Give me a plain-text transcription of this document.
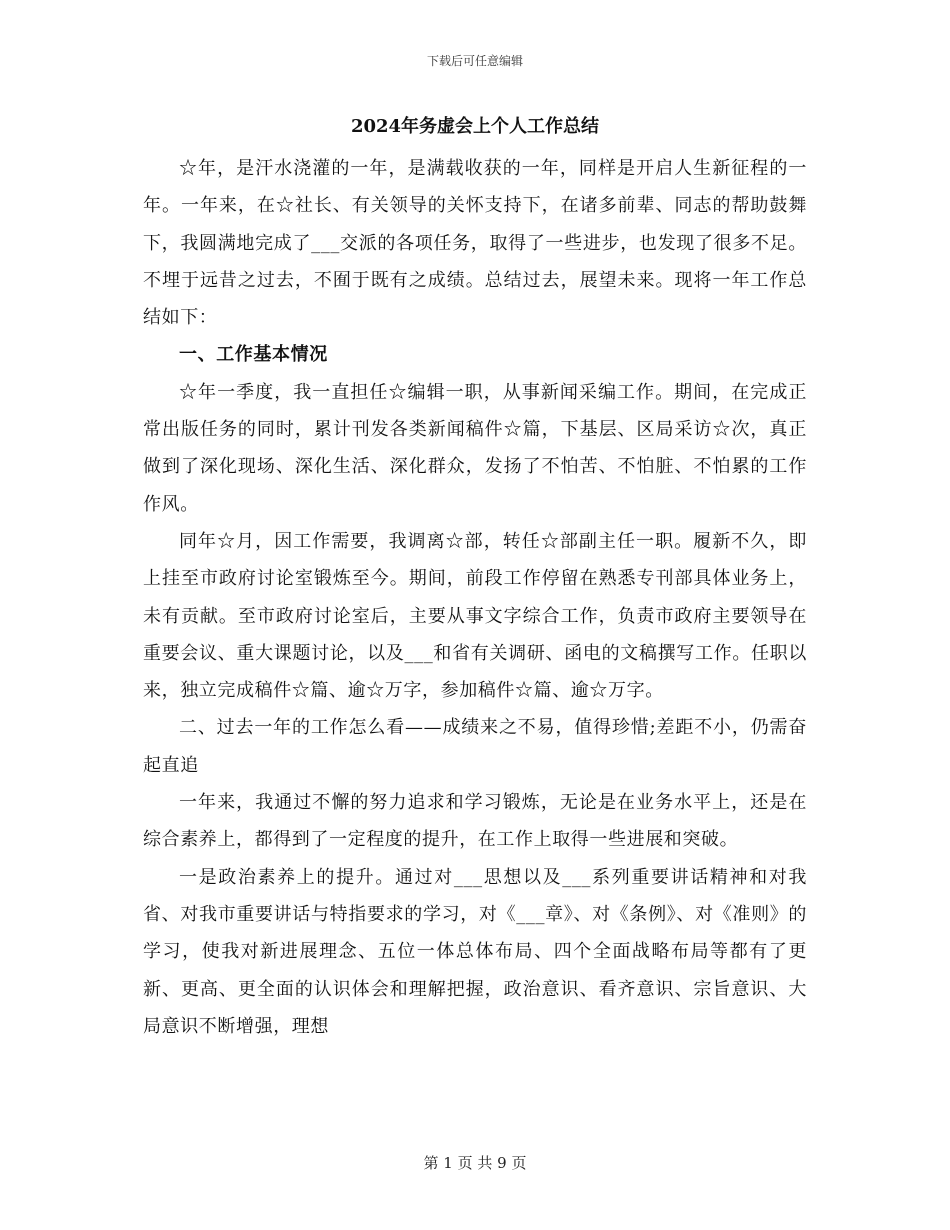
下载后可任意编辑
2024年务虚会上个人工作总结

☆年，是汗水浇灌的一年，是满载收获的一年，同样是开启人生新征程的一年。一年来，在☆社长、有关领导的关怀支持下，在诸多前辈、同志的帮助鼓舞下，我圆满地完成了___交派的各项任务，取得了一些进步，也发现了很多不足。不埋于远昔之过去，不囿于既有之成绩。总结过去，展望未来。现将一年工作总结如下：

一、工作基本情况

☆年一季度，我一直担任☆编辑一职，从事新闻采编工作。期间，在完成正常出版任务的同时，累计刊发各类新闻稿件☆篇，下基层、区局采访☆次，真正做到了深化现场、深化生活、深化群众，发扬了不怕苦、不怕脏、不怕累的工作作风。

同年☆月，因工作需要，我调离☆部，转任☆部副主任一职。履新不久，即上挂至市政府讨论室锻炼至今。期间，前段工作停留在熟悉专刊部具体业务上，未有贡献。至市政府讨论室后，主要从事文字综合工作，负责市政府主要领导在重要会议、重大课题讨论，以及___和省有关调研、函电的文稿撰写工作。任职以来，独立完成稿件☆篇、逾☆万字，参加稿件☆篇、逾☆万字。

二、过去一年的工作怎么看——成绩来之不易，值得珍惜;差距不小，仍需奋起直追

一年来，我通过不懈的努力追求和学习锻炼，无论是在业务水平上，还是在综合素养上，都得到了一定程度的提升，在工作上取得一些进展和突破。

一是政治素养上的提升。通过对___思想以及___系列重要讲话精神和对我省、对我市重要讲话与特指要求的学习，对《___章》、对《条例》、对《准则》的学习，使我对新进展理念、五位一体总体布局、四个全面战略布局等都有了更新、更高、更全面的认识体会和理解把握，政治意识、看齐意识、宗旨意识、大局意识不断增强，理想

第 1 页 共 9 页
